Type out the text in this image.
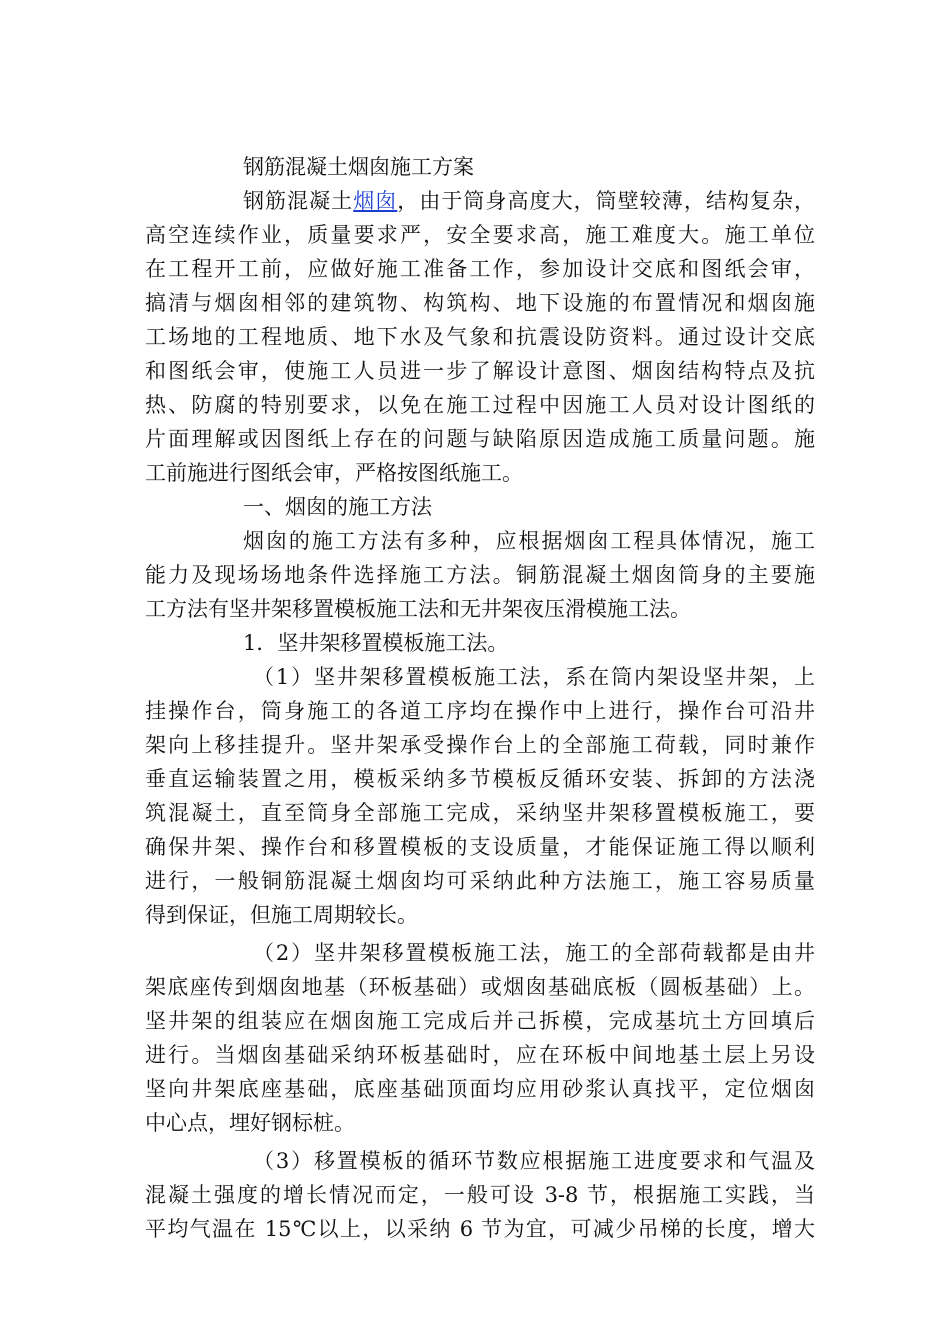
钢筋混凝土烟囱施工方案
钢筋混凝土烟囱，由于筒身高度大，筒壁较薄，结构复杂，
高空连续作业，质量要求严，安全要求高，施工难度大。施工单位
在工程开工前，应做好施工准备工作，参加设计交底和图纸会审，
搞清与烟囱相邻的建筑物、构筑构、地下设施的布置情况和烟囱施
工场地的工程地质、地下水及气象和抗震设防资料。通过设计交底
和图纸会审，使施工人员进一步了解设计意图、烟囱结构特点及抗
热、防腐的特别要求，以免在施工过程中因施工人员对设计图纸的
片面理解或因图纸上存在的问题与缺陷原因造成施工质量问题。施
工前施进行图纸会审，严格按图纸施工。
一、烟囱的施工方法
烟囱的施工方法有多种，应根据烟囱工程具体情况，施工
能力及现场场地条件选择施工方法。铜筋混凝土烟囱筒身的主要施
工方法有坚井架移置模板施工法和无井架夜压滑模施工法。
1．坚井架移置模板施工法。
（1）坚井架移置模板施工法，系在筒内架设坚井架，上
挂操作台，筒身施工的各道工序均在操作中上进行，操作台可沿井
架向上移挂提升。坚井架承受操作台上的全部施工荷载，同时兼作
垂直运输装置之用，模板采纳多节模板反循环安装、拆卸的方法浇
筑混凝土，直至筒身全部施工完成，采纳坚井架移置模板施工，要
确保井架、操作台和移置模板的支设质量，才能保证施工得以顺利
进行，一般铜筋混凝土烟囱均可采纳此种方法施工，施工容易质量
得到保证，但施工周期较长。
（2）坚井架移置模板施工法，施工的全部荷载都是由井
架底座传到烟囱地基（环板基础）或烟囱基础底板（圆板基础）上。
坚井架的组装应在烟囱施工完成后并己拆模，完成基坑土方回填后
进行。当烟囱基础采纳环板基础时，应在环板中间地基土层上另设
坚向井架底座基础，底座基础顶面均应用砂浆认真找平，定位烟囱
中心点，埋好钢标桩。
（3）移置模板的循环节数应根据施工进度要求和气温及
混凝土强度的增长情况而定，一般可设 3-8 节，根据施工实践，当
平均气温在 15℃以上，以采纳 6 节为宜，可减少吊梯的长度，增大
